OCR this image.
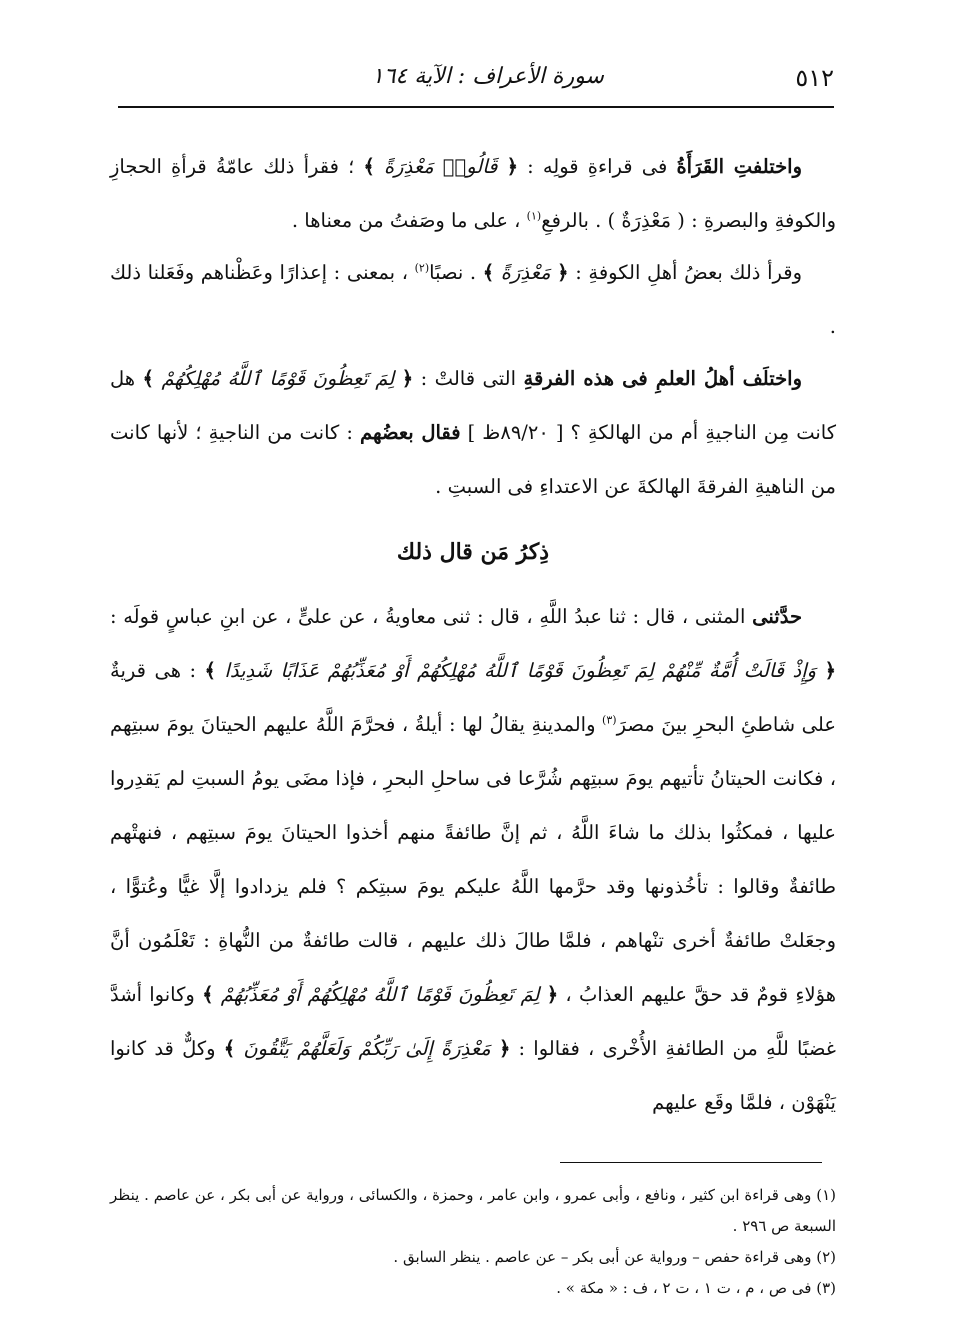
٥١٢
سورة الأعراف : الآية ١٦٤

واختلفتِ القَرَأَةُ فى قراءةِ قولِه : ﴿ قَالُوا۟ مَعْذِرَةً ﴾ ؛ فقرأ ذلك عامّةُ قرأةِ الحجازِ والكوفةِ والبصرةِ : ( مَعْذِرَةٌ ) . بالرفعِ$^{(١)}$ ، على ما وصَفتُ من معناها .

وقرأ ذلك بعضُ أهلِ الكوفةِ : ﴿ مَعْذِرَةً ﴾ . نصبًا$^{(٢)}$ ، بمعنى : إعذارًا وعَظْناهم وفَعَلنا ذلك .

واختلَف أهلُ العلمِ فى هذه الفرقةِ التى قالتْ : ﴿ لِمَ تَعِظُونَ قَوْمًا ٱللَّهُ مُهْلِكُهُمْ ﴾ هل كانت مِن الناجيةِ أم من الهالكةِ ؟ [ ٨٩/٢٠ظ ] فقال بعضُهم : كانت من الناجيةِ ؛ لأنها كانت من الناهيةِ الفرقةَ الهالكةَ عن الاعتداءِ فى السبتِ .

ذِكرُ مَن قال ذلك

حدَّثنى المثنى ، قال : ثنا عبدُ اللَّهِ ، قال : ثنى معاويةُ ، عن علىٍّ ، عن ابنِ عباسٍ قولَه : ﴿ وَإِذْ قَالَتْ أُمَّةٌ مِّنْهُمْ لِمَ تَعِظُونَ قَوْمًا ٱللَّهُ مُهْلِكُهُمْ أَوْ مُعَذِّبُهُمْ عَذَابًا شَدِيدًا ﴾ : هى قريةٌ على شاطئِ البحرِ بينَ مصرَ$^{(٣)}$ والمدينةِ يقالُ لها : أيلةُ ، فحرَّمَ اللَّهُ عليهم الحيتانَ يومَ سبتِهم ، فكانت الحيتانُ تأتيهم يومَ سبتِهم شُرَّعا فى ساحلِ البحرِ ، فإذا مضَى يومُ السبتِ لم يَقدِروا عليها ، فمكثُوا بذلك ما شاءَ اللَّهُ ، ثم إنَّ طائفةً منهم أخذوا الحيتانَ يومَ سبتِهم ، فنهتْهم طائفةٌ وقالوا : تأخُذونها وقد حرَّمها اللَّهُ عليكم يومَ سبتِكم ؟ فلم يزدادوا إلَّا غيًّا وعُتوًّا ، وجعَلتْ طائفةٌ أخرى تنْهاهم ، فلمَّا طالَ ذلك عليهم ، قالت طائفةٌ من النُّهاةِ : تَعْلَمُون أنَّ هؤلاءِ قومٌ قد حقَّ عليهم العذابُ ، ﴿ لِمَ تَعِظُونَ قَوْمًا ٱللَّهُ مُهْلِكُهُمْ أَوْ مُعَذِّبُهُمْ ﴾ وكانوا أشدَّ غضبًا للَّهِ من الطائفةِ الأُخْرى ، فقالوا : ﴿ مَعْذِرَةً إِلَىٰ رَبِّكُمْ وَلَعَلَّهُمْ يَتَّقُونَ ﴾ وكلٌّ قد كانوا يَنْهَوْن ، فلمَّا وقَع عليهم

(١) وهى قراءة ابن كثير ، ونافع ، وأبى عمرو ، وابن عامر ، وحمزة ، والكسائى ، ورواية عن أبى بكر ، عن عاصم . ينظر السبعة ص ٢٩٦ .

(٢) وهى قراءة حفص – ورواية عن أبى بكر – عن عاصم . ينظر السابق .

(٣) فى ص ، م ، ت ١ ، ت ٢ ، ف : « مكة » .
